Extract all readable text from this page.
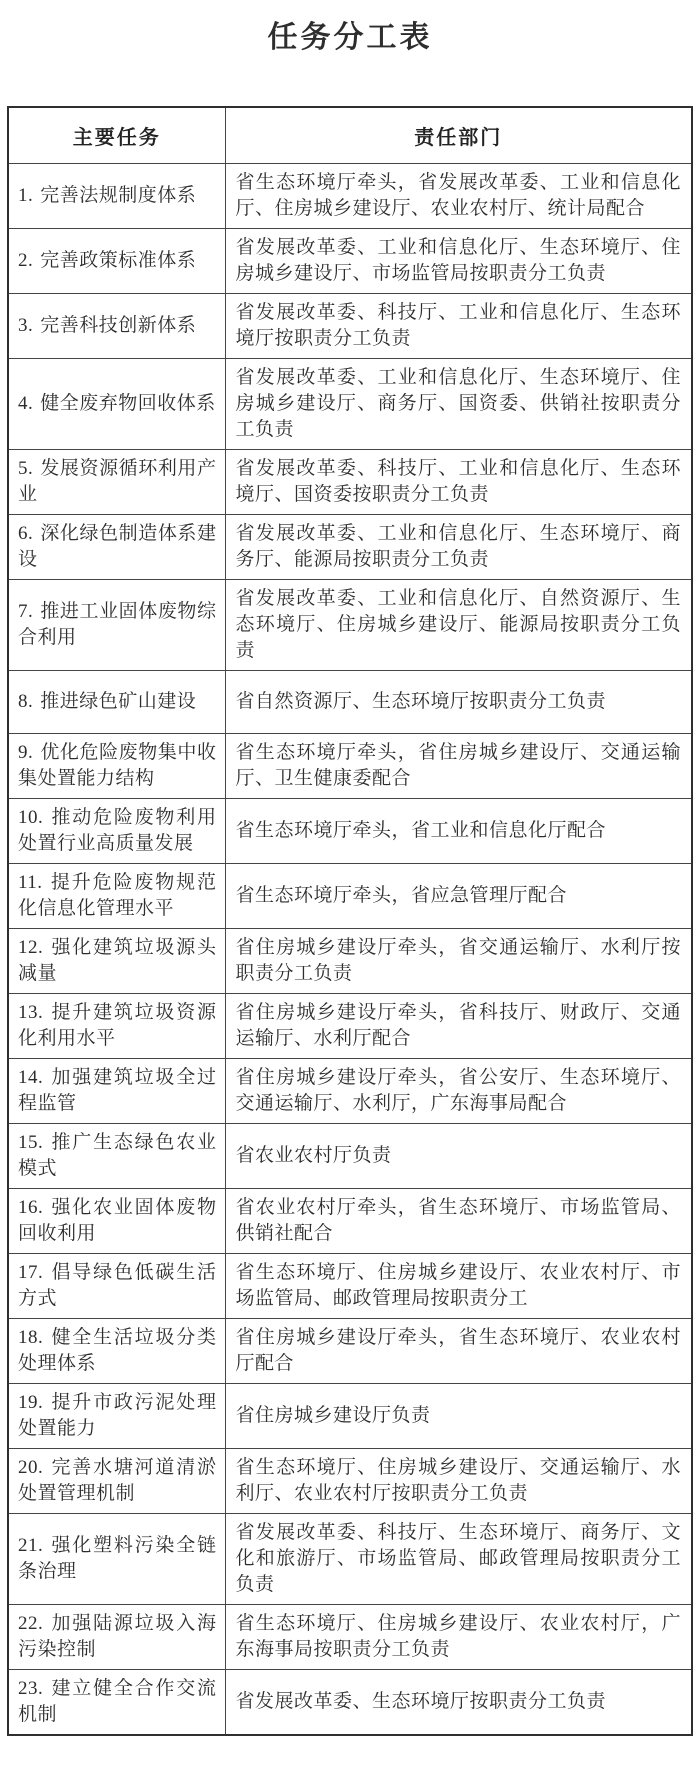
任务分工表
主要任务	责任部门
1. 完善法规制度体系	省生态环境厅牵头，省发展改革委、工业和信息化厅、住房城乡建设厅、农业农村厅、统计局配合
2. 完善政策标准体系	省发展改革委、工业和信息化厅、生态环境厅、住房城乡建设厅、市场监管局按职责分工负责
3. 完善科技创新体系	省发展改革委、科技厅、工业和信息化厅、生态环境厅按职责分工负责
4. 健全废弃物回收体系	省发展改革委、工业和信息化厅、生态环境厅、住房城乡建设厅、商务厅、国资委、供销社按职责分工负责
5. 发展资源循环利用产业	省发展改革委、科技厅、工业和信息化厅、生态环境厅、国资委按职责分工负责
6. 深化绿色制造体系建设	省发展改革委、工业和信息化厅、生态环境厅、商务厅、能源局按职责分工负责
7. 推进工业固体废物综合利用	省发展改革委、工业和信息化厅、自然资源厅、生态环境厅、住房城乡建设厅、能源局按职责分工负责
8. 推进绿色矿山建设	省自然资源厅、生态环境厅按职责分工负责
9. 优化危险废物集中收集处置能力结构	省生态环境厅牵头，省住房城乡建设厅、交通运输厅、卫生健康委配合
10. 推动危险废物利用处置行业高质量发展	省生态环境厅牵头，省工业和信息化厅配合
11. 提升危险废物规范化信息化管理水平	省生态环境厅牵头，省应急管理厅配合
12. 强化建筑垃圾源头减量	省住房城乡建设厅牵头，省交通运输厅、水利厅按职责分工负责
13. 提升建筑垃圾资源化利用水平	省住房城乡建设厅牵头，省科技厅、财政厅、交通运输厅、水利厅配合
14. 加强建筑垃圾全过程监管	省住房城乡建设厅牵头，省公安厅、生态环境厅、交通运输厅、水利厅，广东海事局配合
15. 推广生态绿色农业模式	省农业农村厅负责
16. 强化农业固体废物回收利用	省农业农村厅牵头，省生态环境厅、市场监管局、供销社配合
17. 倡导绿色低碳生活方式	省生态环境厅、住房城乡建设厅、农业农村厅、市场监管局、邮政管理局按职责分工
18. 健全生活垃圾分类处理体系	省住房城乡建设厅牵头，省生态环境厅、农业农村厅配合
19. 提升市政污泥处理处置能力	省住房城乡建设厅负责
20. 完善水塘河道清淤处置管理机制	省生态环境厅、住房城乡建设厅、交通运输厅、水利厅、农业农村厅按职责分工负责
21. 强化塑料污染全链条治理	省发展改革委、科技厅、生态环境厅、商务厅、文化和旅游厅、市场监管局、邮政管理局按职责分工负责
22. 加强陆源垃圾入海污染控制	省生态环境厅、住房城乡建设厅、农业农村厅，广东海事局按职责分工负责
23. 建立健全合作交流机制	省发展改革委、生态环境厅按职责分工负责
